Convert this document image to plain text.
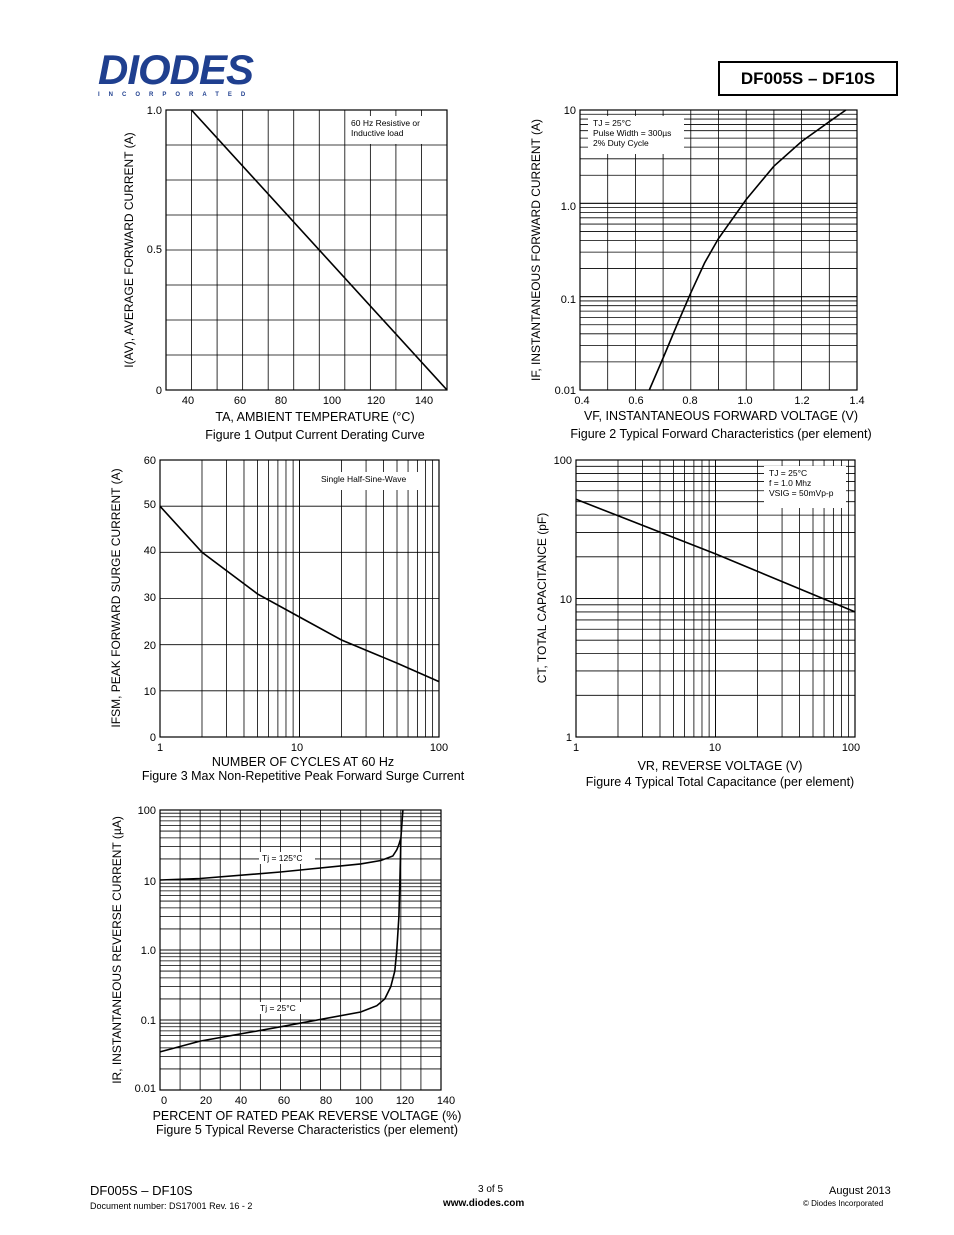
DIODES
INCORPORATED
DF005S – DF10S
40	60	80	100 120	140
0
0.5
1.0
60 Hz Resistive or
Inductive load
TA, AMBIENT TEMPERATURE (°C)
I(AV), AVERAGE FORWARD CURRENT (A)
Figure 1 Output Current Derating Curve
0.4	0.6	0.8	1.0	1.2	1.4
0.01
0.1
1.0
10
TJ = 25°C
Pulse Width = 300µs
2% Duty Cycle
VF, INSTANTANEOUS FORWARD VOLTAGE (V)
IF, INSTANTANEOUS FORWARD CURRENT (A)
Figure 2 Typical Forward Characteristics (per element)
1	10	100
0
10
20
30
40
50
60
Single Half-Sine-Wave
NUMBER OF CYCLES AT 60 Hz
IFSM, PEAK FORWARD SURGE CURRENT (A)
Figure 3 Max Non-Repetitive Peak Forward Surge Current
1	10	100
1
10
100
TJ = 25°C
f = 1.0 Mhz
VSIG = 50mVp-p
VR, REVERSE VOLTAGE (V)
CT, TOTAL CAPACITANCE (pF)
Figure 4 Typical Total Capacitance (per element)
0	20 40	60	80 100 120 140
0.01
0.1
1.0
10
100
Tj = 125°C
Tj = 25°C
PERCENT OF RATED PEAK REVERSE VOLTAGE (%)
IR, INSTANTANEOUS REVERSE CURRENT (µA)
Figure 5 Typical Reverse Characteristics (per element)
DF005S – DF10S
Document number: DS17001 Rev. 16 - 2
3 of 5
www.diodes.com
August 2013
© Diodes Incorporated
